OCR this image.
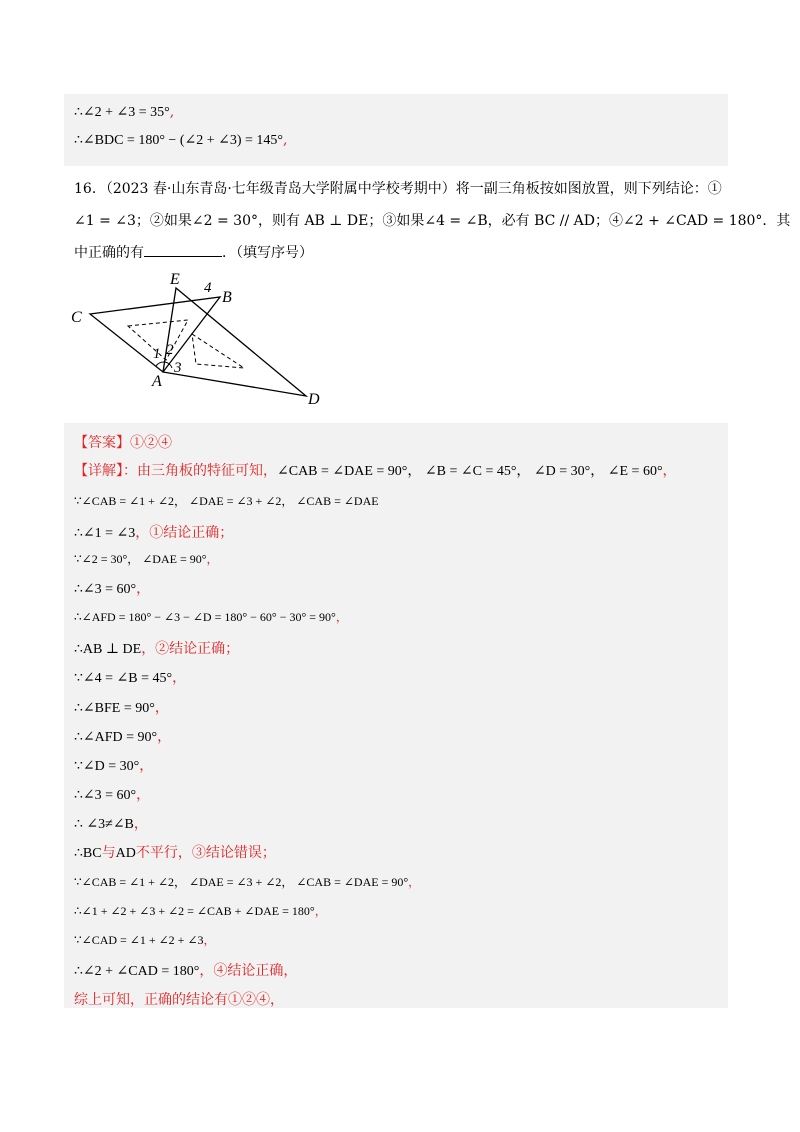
∴∠2 + ∠3 = 35°,
∴∠BDC = 180° − (∠2 + ∠3) = 145°,

16．（2023 春·山东青岛·七年级青岛大学附属中学校考期中）将一副三角板按如图放置，则下列结论：①

∠1 = ∠3；②如果∠2 = 30°，则有 AB ⊥ DE；③如果∠4 = ∠B，必有 BC // AD；④∠2 + ∠CAD = 180°．其

中正确的有	．（填写序号）

C
E 4
B
1 2
3
A
D
【答案】①②④
【详解】：由三角板的特征可知，∠CAB = ∠DAE = 90°， ∠B = ∠C = 45°， ∠D = 30°， ∠E = 60°，
∵∠CAB = ∠1 + ∠2， ∠DAE = ∠3 + ∠2， ∠CAB = ∠DAE
∴∠1 = ∠3，①结论正确；
∵∠2 = 30°， ∠DAE = 90°，
∴∠3 = 60°，
∴∠AFD = 180° − ∠3 − ∠D = 180° − 60° − 30° = 90°，
∴AB ⊥ DE，②结论正确；
∵∠4 = ∠B = 45°，
∴∠BFE = 90°，
∴∠AFD = 90°，
∵∠D = 30°，
∴∠3 = 60°，
∴ ∠3≠∠B，
∴BC与AD不平行，③结论错误；
∵∠CAB = ∠1 + ∠2， ∠DAE = ∠3 + ∠2， ∠CAB = ∠DAE = 90°，
∴∠1 + ∠2 + ∠3 + ∠2 = ∠CAB + ∠DAE = 180°，
∵∠CAD = ∠1 + ∠2 + ∠3，
∴∠2 + ∠CAD = 180°，④结论正确，
综上可知，正确的结论有①②④，
